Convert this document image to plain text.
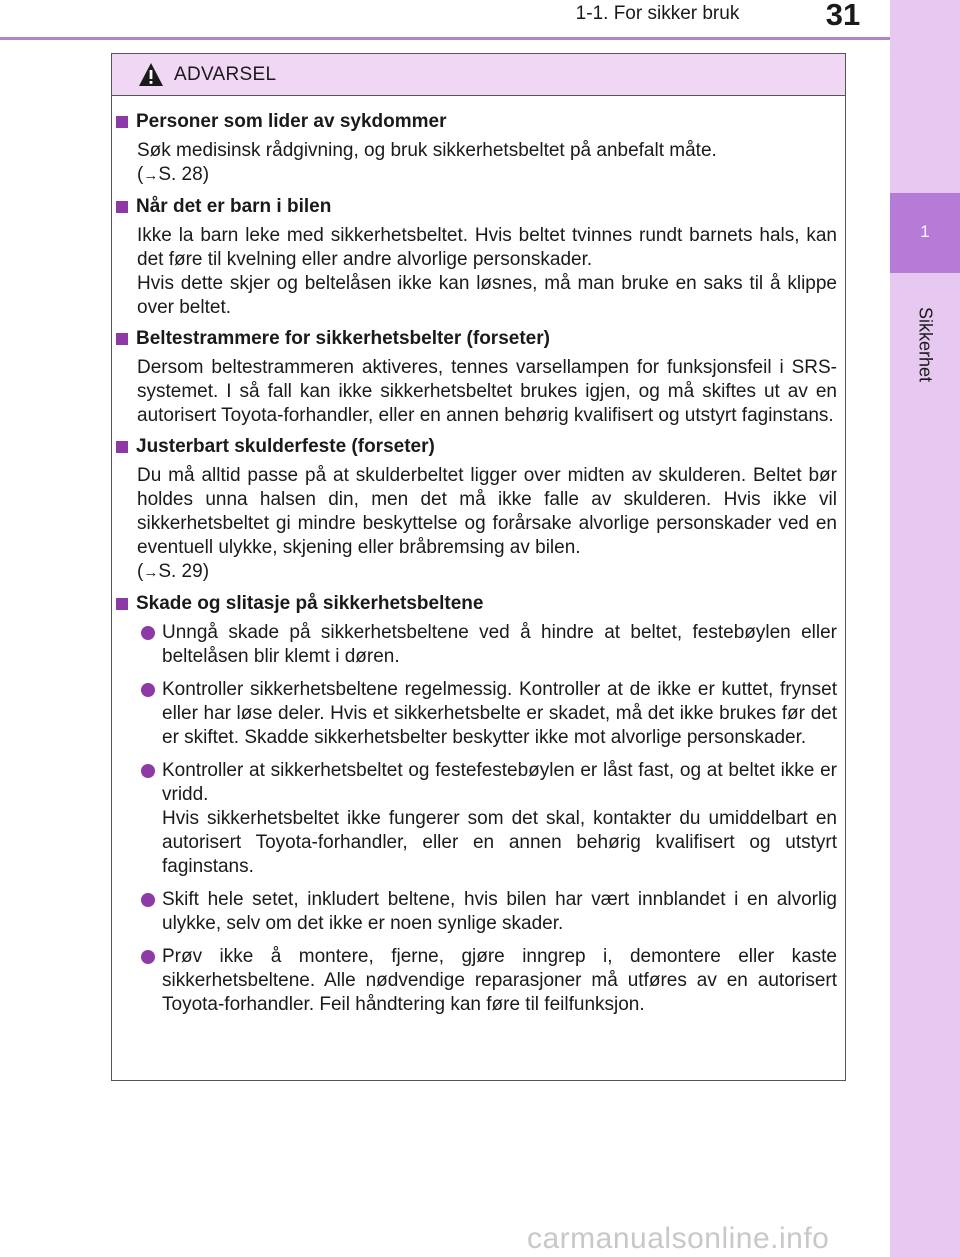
1-1. For sikker bruk	31
1
Sikkerhet
ADVARSEL
Personer som lider av sykdommer
Søk medisinsk rådgivning, og bruk sikkerhetsbeltet på anbefalt måte.
(→S. 28)
Når det er barn i bilen
Ikke la barn leke med sikkerhetsbeltet. Hvis beltet tvinnes rundt barnets hals, kan det føre til kvelning eller andre alvorlige personskader.
Hvis dette skjer og beltelåsen ikke kan løsnes, må man bruke en saks til å klippe over beltet.
Beltestrammere for sikkerhetsbelter (forseter)
Dersom beltestrammeren aktiveres, tennes varsellampen for funksjonsfeil i SRS-systemet. I så fall kan ikke sikkerhetsbeltet brukes igjen, og må skiftes ut av en autorisert Toyota-forhandler, eller en annen behørig kvalifisert og utstyrt faginstans.
Justerbart skulderfeste (forseter)
Du må alltid passe på at skulderbeltet ligger over midten av skulderen. Beltet bør holdes unna halsen din, men det må ikke falle av skulderen. Hvis ikke vil sikkerhetsbeltet gi mindre beskyttelse og forårsake alvorlige personskader ved en eventuell ulykke, skjening eller bråbremsing av bilen.
(→S. 29)
Skade og slitasje på sikkerhetsbeltene
Unngå skade på sikkerhetsbeltene ved å hindre at beltet, festebøylen eller beltelåsen blir klemt i døren.
Kontroller sikkerhetsbeltene regelmessig. Kontroller at de ikke er kuttet, frynset eller har løse deler. Hvis et sikkerhetsbelte er skadet, må det ikke brukes før det er skiftet. Skadde sikkerhetsbelter beskytter ikke mot alvorlige personskader.
Kontroller at sikkerhetsbeltet og festefestebøylen er låst fast, og at beltet ikke er vridd.
Hvis sikkerhetsbeltet ikke fungerer som det skal, kontakter du umiddelbart en autorisert Toyota-forhandler, eller en annen behørig kvalifisert og utstyrt faginstans.
Skift hele setet, inkludert beltene, hvis bilen har vært innblandet i en alvorlig ulykke, selv om det ikke er noen synlige skader.
Prøv ikke å montere, fjerne, gjøre inngrep i, demontere eller kaste sikkerhetsbeltene. Alle nødvendige reparasjoner må utføres av en autorisert Toyota-forhandler. Feil håndtering kan føre til feilfunksjon.
carmanualsonline.info
